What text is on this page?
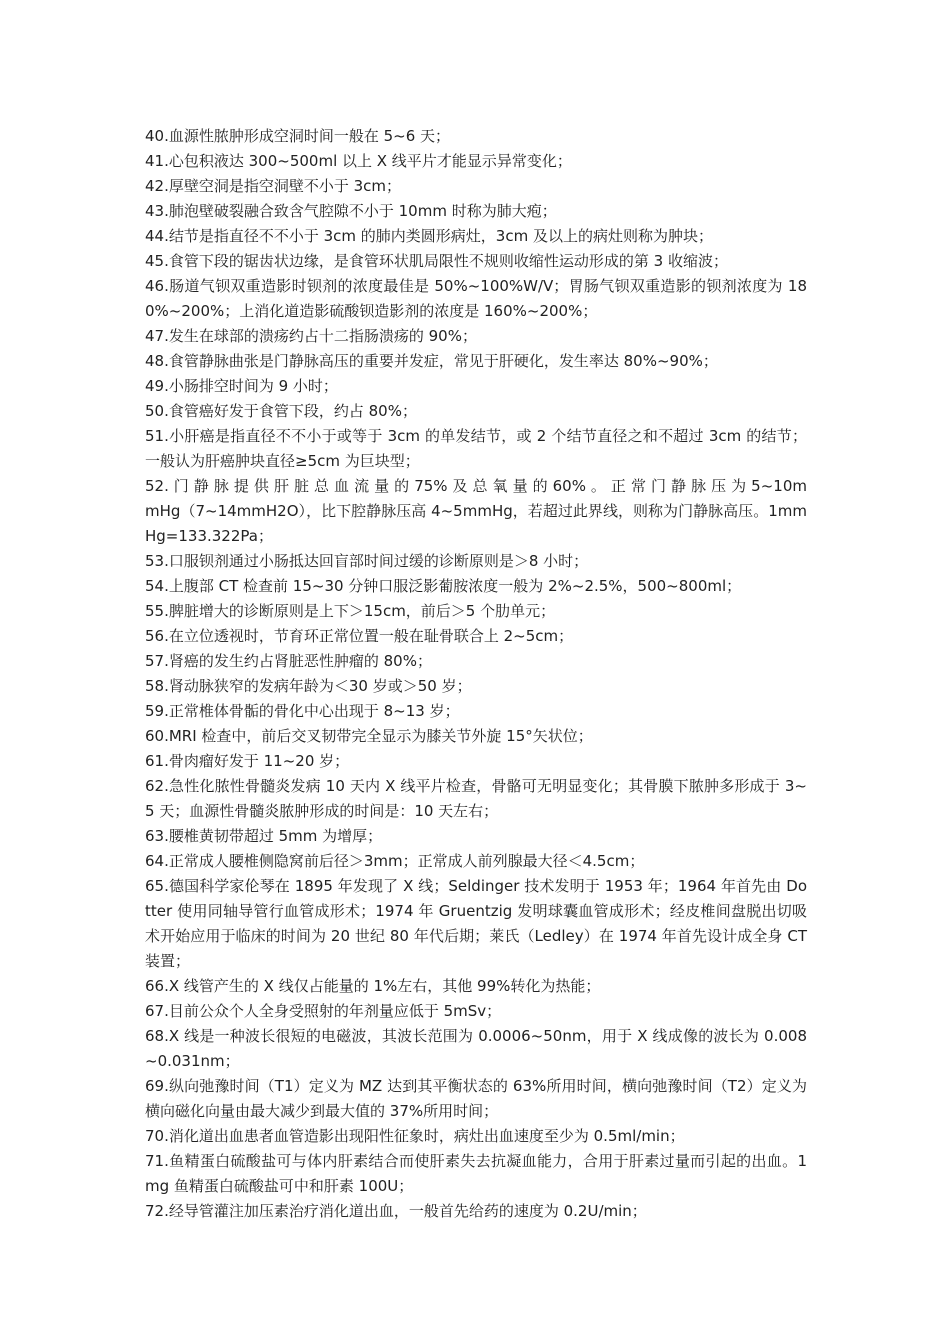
40.血源性脓肿形成空洞时间一般在 5~6 天；

41.心包积液达 300~500ml 以上 X 线平片才能显示异常变化；

42.厚壁空洞是指空洞壁不小于 3cm；

43.肺泡壁破裂融合致含气腔隙不小于 10mm 时称为肺大疱；

44.结节是指直径不不小于 3cm 的肺内类圆形病灶，3cm 及以上的病灶则称为肿块；

45.食管下段的锯齿状边缘，是食管环状肌局限性不规则收缩性运动形成的第 3 收缩波；

46.肠道气钡双重造影时钡剂的浓度最佳是 50%~100%W/V；胃肠气钡双重造影的钡剂浓度为 180%~200%；上消化道造影硫酸钡造影剂的浓度是 160%~200%；

47.发生在球部的溃疡约占十二指肠溃疡的 90%；

48.食管静脉曲张是门静脉高压的重要并发症，常见于肝硬化，发生率达 80%~90%；

49.小肠排空时间为 9 小时；

50.食管癌好发于食管下段，约占 80%；

51.小肝癌是指直径不不小于或等于 3cm 的单发结节，或 2 个结节直径之和不超过 3cm 的结节；一般认为肝癌肿块直径≥5cm 为巨块型；

52. 门 静 脉 提 供 肝 脏 总 血 流 量 的 75% 及 总 氧 量 的 60% 。 正 常 门 静 脉 压 为 5~10mmHg（7~14mmH2O），比下腔静脉压高 4~5mmHg，若超过此界线，则称为门静脉高压。1mmHg=133.322Pa；

53.口服钡剂通过小肠抵达回盲部时间过缓的诊断原则是＞8 小时；

54.上腹部 CT 检查前 15~30 分钟口服泛影葡胺浓度一般为 2%~2.5%，500~800ml；

55.脾脏增大的诊断原则是上下＞15cm，前后＞5 个肋单元；

56.在立位透视时，节育环正常位置一般在耻骨联合上 2~5cm；

57.肾癌的发生约占肾脏恶性肿瘤的 80%；

58.肾动脉狭窄的发病年龄为＜30 岁或＞50 岁；

59.正常椎体骨骺的骨化中心出现于 8~13 岁；

60.MRI 检查中，前后交叉韧带完全显示为膝关节外旋 15°矢状位；

61.骨肉瘤好发于 11~20 岁；

62.急性化脓性骨髓炎发病 10 天内 X 线平片检查，骨骼可无明显变化；其骨膜下脓肿多形成于 3~5 天；血源性骨髓炎脓肿形成的时间是：10 天左右；

63.腰椎黄韧带超过 5mm 为增厚；

64.正常成人腰椎侧隐窝前后径＞3mm；正常成人前列腺最大径＜4.5cm；

65.德国科学家伦琴在 1895 年发现了 X 线；Seldinger 技术发明于 1953 年；1964 年首先由 Dotter 使用同轴导管行血管成形术；1974 年 Gruentzig 发明球囊血管成形术；经皮椎间盘脱出切吸术开始应用于临床的时间为 20 世纪 80 年代后期；莱氏（Ledley）在 1974 年首先设计成全身 CT 装置；

66.X 线管产生的 X 线仅占能量的 1%左右，其他 99%转化为热能；

67.目前公众个人全身受照射的年剂量应低于 5mSv；

68.X 线是一种波长很短的电磁波，其波长范围为 0.0006~50nm，用于 X 线成像的波长为 0.008~0.031nm；

69.纵向弛豫时间（T1）定义为 MZ 达到其平衡状态的 63%所用时间，横向弛豫时间（T2）定义为横向磁化向量由最大减少到最大值的 37%所用时间；

70.消化道出血患者血管造影出现阳性征象时，病灶出血速度至少为 0.5ml/min；

71.鱼精蛋白硫酸盐可与体内肝素结合而使肝素失去抗凝血能力，合用于肝素过量而引起的出血。1mg 鱼精蛋白硫酸盐可中和肝素 100U；

72.经导管灌注加压素治疗消化道出血，一般首先给药的速度为 0.2U/min；
